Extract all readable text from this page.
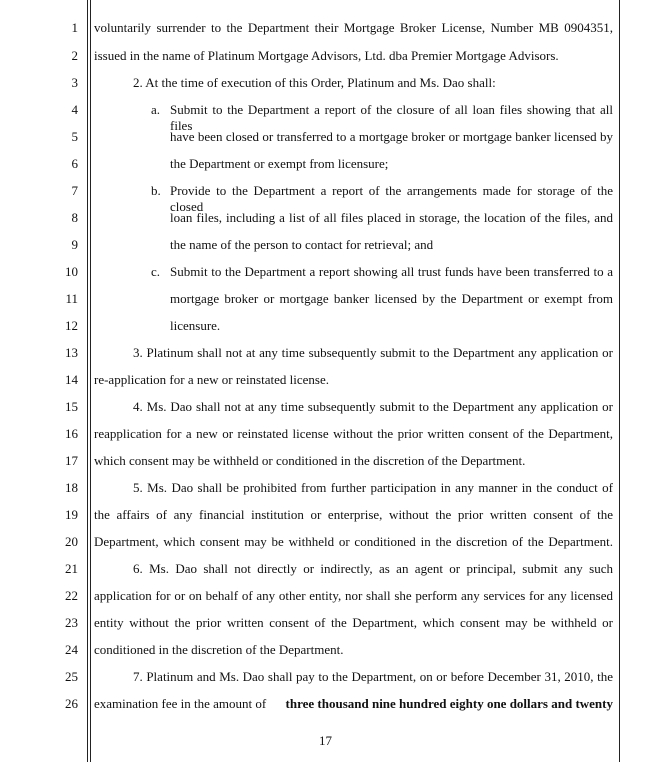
1
2
3
4
5
6
7
8
9
10
11
12
13
14
15
16
17
18
19
20
21
22
23
24
25
26
voluntarily surrender to the Department their Mortgage Broker License, Number MB 0904351,
issued in the name of Platinum Mortgage Advisors, Ltd. dba Premier Mortgage Advisors.
2. At the time of execution of this Order, Platinum and Ms. Dao shall:
a. Submit to the Department a report of the closure of all loan files showing that all files
have been closed or transferred to a mortgage broker or mortgage banker licensed by
the Department or exempt from licensure;
b. Provide to the Department a report of the arrangements made for storage of the closed
loan files, including a list of all files placed in storage, the location of the files, and
the name of the person to contact for retrieval; and
c. Submit to the Department a report showing all trust funds have been transferred to a
mortgage broker or mortgage banker licensed by the Department or exempt from
licensure.
3. Platinum shall not at any time subsequently submit to the Department any application or
re-application for a new or reinstated license.
4. Ms. Dao shall not at any time subsequently submit to the Department any application or
reapplication for a new or reinstated license without the prior written consent of the Department,
which consent may be withheld or conditioned in the discretion of the Department.
5. Ms. Dao shall be prohibited from further participation in any manner in the conduct of
the affairs of any financial institution or enterprise, without the prior written consent of the
Department, which consent may be withheld or conditioned in the discretion of the Department.
6. Ms. Dao shall not directly or indirectly, as an agent or principal, submit any such
application for or on behalf of any other entity, nor shall she perform any services for any licensed
entity without the prior written consent of the Department, which consent may be withheld or
conditioned in the discretion of the Department.
7. Platinum and Ms. Dao shall pay to the Department, on or before December 31, 2010, the
examination fee in the amount of three thousand nine hundred eighty one dollars and twenty
17
